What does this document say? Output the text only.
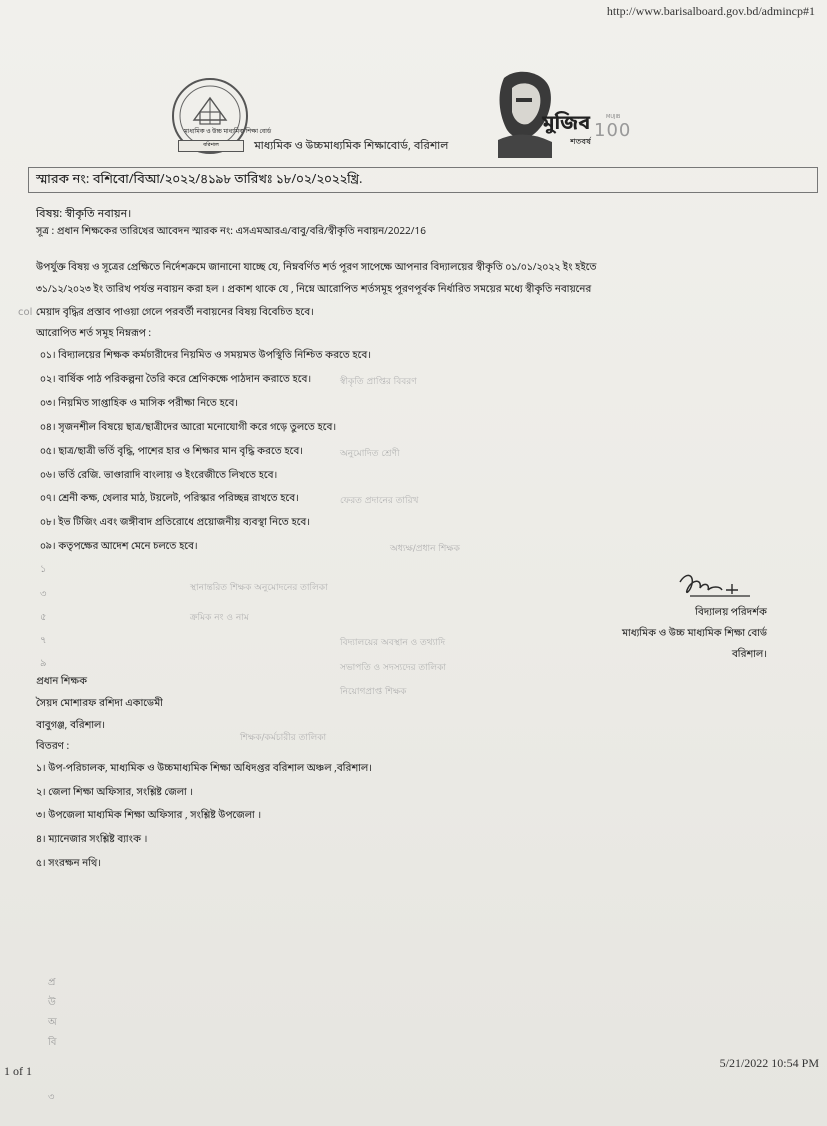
http://www.barisalboard.gov.bd/admincp#1
মাধ্যমিক ও উচ্চ মাধ্যমিক শিক্ষা বোর্ড
বরিশাল	মাধ্যমিক ও উচ্চমাধ্যমিক শিক্ষাবোর্ড, বরিশাল
মুজিব
শতবর্ষ
100
MUJIB
স্মারক নং: বশিবো/বিআ/২০২২/৪১৯৮ তারিখঃ ১৮/০২/২০২২খ্রি.
বিষয়: স্বীকৃতি নবায়ন।
সূত্র : প্রধান শিক্ষকের তারিখের আবেদন স্মারক নং: এসএমআরএ/বাবু/বরি/স্বীকৃতি নবায়ন/2022/16
উপর্যুক্ত বিষয় ও সূত্রের প্রেক্ষিতে নির্দেশক্রমে জানানো যাচ্ছে যে, নিম্নবর্ণিত শর্ত পূরণ সাপেক্ষে আপনার বিদ্যালয়ের স্বীকৃতি ০১/০১/২০২২ ইং হইতে
৩১/১২/২০২৩ ইং তারিখ পর্যন্ত নবায়ন করা হল । প্রকাশ থাকে যে , নিম্নে আরোপিত শর্তসমূহ পূরণপূর্বক নির্ধারিত সময়ের মধ্যে স্বীকৃতি নবায়নের
col মেয়াদ বৃদ্ধির প্রস্তাব পাওয়া গেলে পরবর্তী নবায়নের বিষয় বিবেচিত হবে।
আরোপিত শর্ত সমূহ নিম্নরূপ :
০১। বিদ্যালয়ের শিক্ষক কর্মচারীদের নিয়মিত ও সময়মত উপস্থিতি নিশ্চিত করতে হবে।
০২। বার্ষিক পাঠ পরিকল্পনা তৈরি করে শ্রেণিকক্ষে পাঠদান করাতে হবে।
০৩। নিয়মিত সাপ্তাহিক ও মাসিক পরীক্ষা নিতে হবে।
০৪। সৃজনশীল বিষয়ে ছাত্র/ছাত্রীদের আরো মনোযোগী করে গড়ে তুলতে হবে।
০৫। ছাত্র/ছাত্রী ভর্তি বৃদ্ধি, পাশের হার ও শিক্ষার মান বৃদ্ধি করতে হবে।
০৬। ভর্তি রেজি. ভাণ্ডারাদি বাংলায় ও ইংরেজীতে লিখতে হবে।
০৭। শ্রেনী কক্ষ, খেলার মাঠ, টয়লেট, পরিস্কার পরিচ্ছন্ন রাখতে হবে।
০৮। ইভ টিজিং এবং জঙ্গীবাদ প্রতিরোধে প্রয়োজনীয় ব্যবস্থা নিতে হবে।
০৯। কতৃপক্ষের আদেশ মেনে চলতে হবে।
১
৩
৫
৭
৯
স্বীকৃতি প্রাপ্তির বিবরণ
অনুমোদিত শ্রেণী
ফেরত প্রদানের তারিখ
অধ্যক্ষ/প্রধান শিক্ষক
স্থানান্তরিত শিক্ষক অনুমোদনের তালিকা
ক্রমিক নং ও নাম
বিদ্যালয়ের অবস্থান ও তথ্যাদি
সভাপতি ও সদস্যদের তালিকা
নিয়োগপ্রাপ্ত শিক্ষক
শিক্ষক/কর্মচারীর তালিকা
বিদ্যালয় পরিদর্শক
মাধ্যমিক ও উচ্চ মাধ্যমিক শিক্ষা বোর্ড
বরিশাল।
প্রধান শিক্ষক
সৈয়দ মোশারফ রশিদা একাডেমী
বাবুগঞ্জ, বরিশাল।
বিতরণ :
১। উপ-পরিচালক, মাধ্যমিক ও উচ্চমাধ্যমিক শিক্ষা অধিদপ্তর বরিশাল অঞ্চল ,বরিশাল।
২। জেলা শিক্ষা অফিসার, সংশ্লিষ্ট জেলা ।
৩। উপজেলা মাধ্যমিক শিক্ষা অফিসার , সংশ্লিষ্ট উপজেলা ।
৪। ম্যানেজার সংশ্লিষ্ট ব্যাংক ।
৫। সংরক্ষন নথি।
প্র
উ
অ
বি
৩
1 of 1
5/21/2022 10:54 PM
